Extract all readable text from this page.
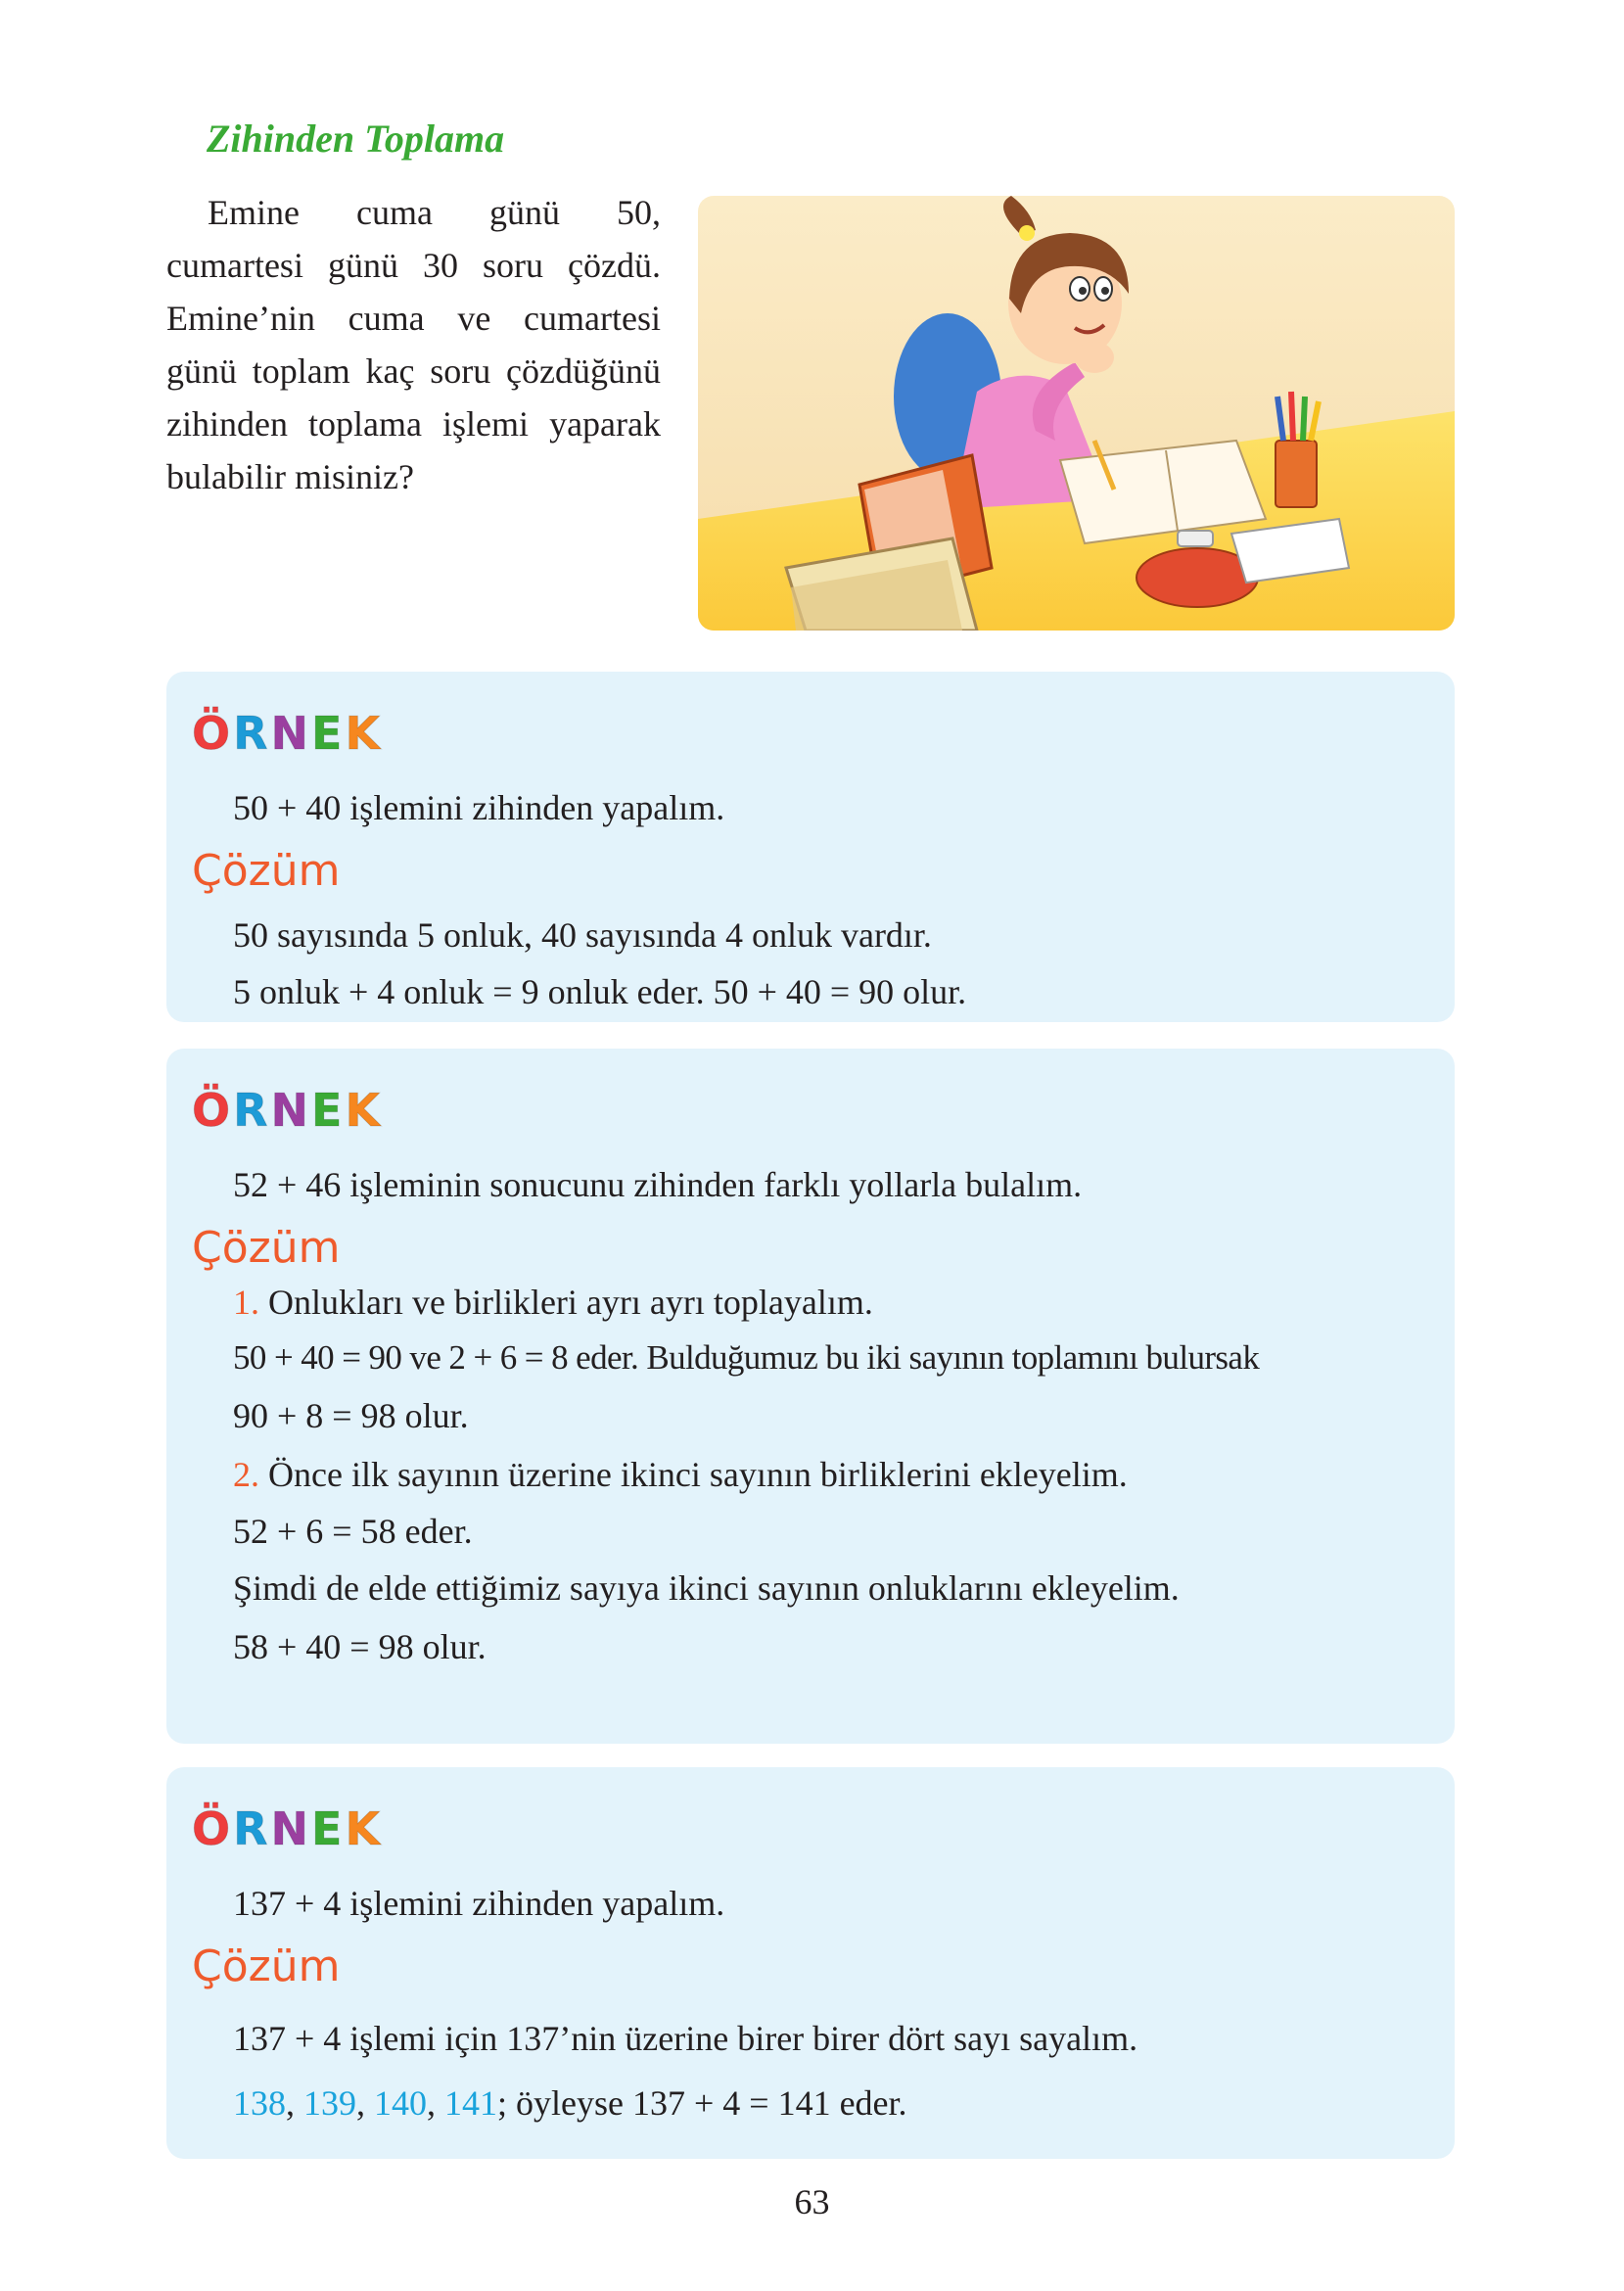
Zihinden Toplama
Emine cuma günü 50, cumartesi günü 30 soru çözdü. Emine’nin cuma ve cumartesi günü toplam kaç soru çözdüğünü zihinden toplama işlemi yaparak bulabilir misiniz?
ÖRNEK
50 + 40 işlemini zihinden yapalım.
Çözüm
50 sayısında 5 onluk, 40 sayısında 4 onluk vardır.
5 onluk + 4 onluk = 9 onluk eder. 50 + 40 = 90 olur.
ÖRNEK
52 + 46 işleminin sonucunu zihinden farklı yollarla bulalım.
Çözüm
1. Onlukları ve birlikleri ayrı ayrı toplayalım.
50 + 40 = 90 ve 2 + 6 = 8 eder. Bulduğumuz bu iki sayının toplamını bulursak
90 + 8 = 98 olur.
2. Önce ilk sayının üzerine ikinci sayının birliklerini ekleyelim.
52 + 6 = 58 eder.
Şimdi de elde ettiğimiz sayıya ikinci sayının onluklarını ekleyelim.
58 + 40 = 98 olur.
ÖRNEK
137 + 4 işlemini zihinden yapalım.
Çözüm
137 + 4 işlemi için 137’nin üzerine birer birer dört sayı sayalım.
138, 139, 140, 141; öyleyse 137 + 4 = 141 eder.
63
